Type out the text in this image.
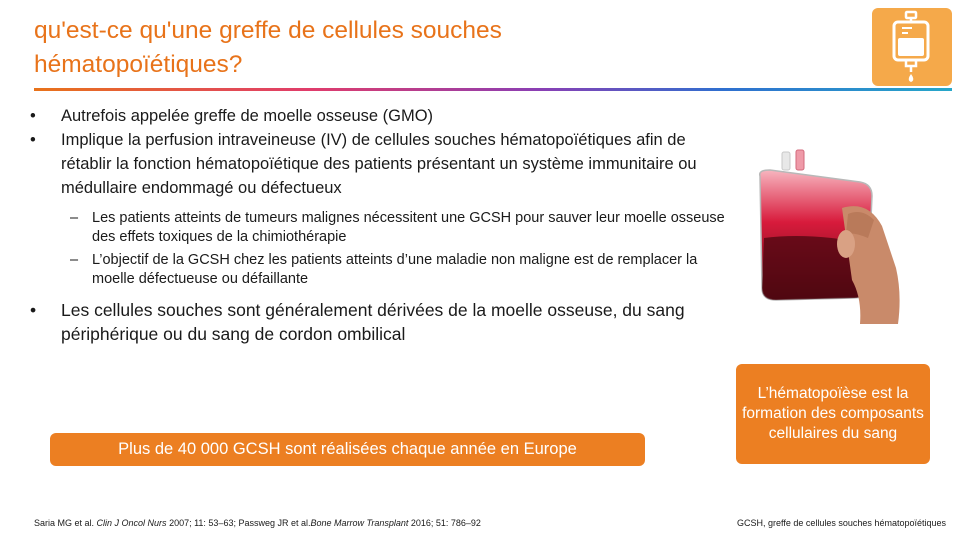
qu'est-ce qu'une greffe de cellules souches
hématopoïétiques?
• Autrefois appelée greffe de moelle osseuse (GMO)
• Implique la perfusion intraveineuse (IV) de cellules souches hématopoïétiques afin de rétablir la fonction hématopoïétique des patients présentant un système immunitaire ou médullaire endommagé ou défectueux
– Les patients atteints de tumeurs malignes nécessitent une GCSH pour sauver leur moelle osseuse des effets toxiques de la chimiothérapie
– L’objectif de la GCSH chez les patients atteints d’une maladie non maligne est de remplacer la moelle défectueuse ou défaillante
• Les cellules souches sont généralement dérivées de la moelle osseuse, du sang périphérique ou du sang de cordon ombilical
Plus de 40 000 GCSH sont réalisées chaque année en Europe
L’hématopoïèse est la formation des composants cellulaires du sang
Saria MG et al. Clin J Oncol Nurs 2007; 11: 53–63; Passweg JR et al.Bone Marrow Transplant 2016; 51: 786–92	GCSH, greffe de cellules souches hématopoïétiques
